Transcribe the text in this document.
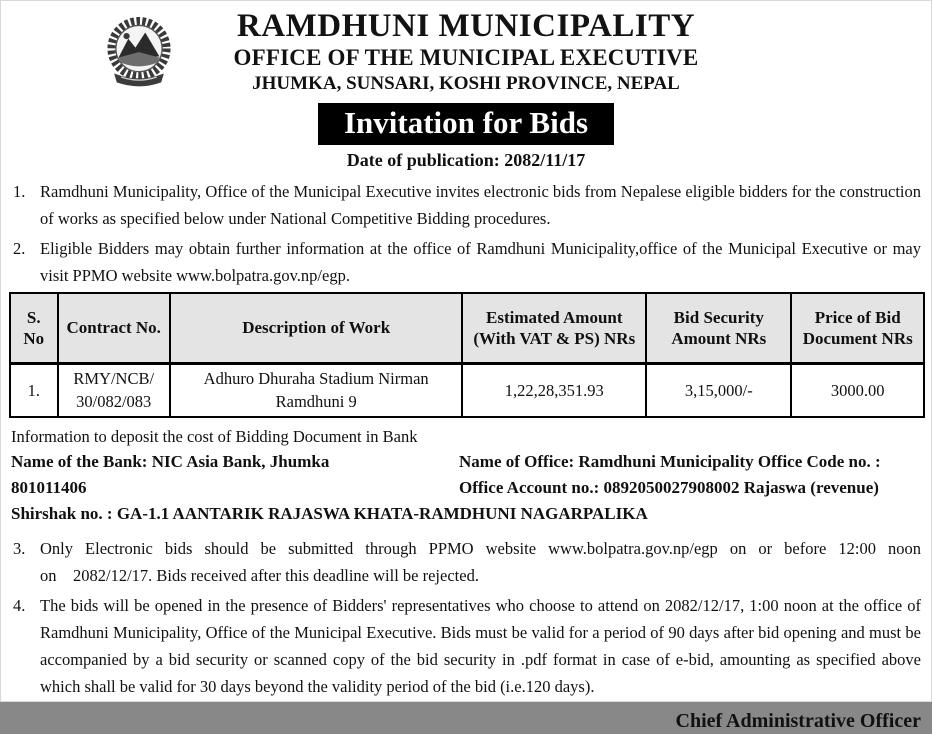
RAMDHUNI MUNICIPALITY
OFFICE OF THE MUNICIPAL EXECUTIVE
JHUMKA, SUNSARI, KOSHI PROVINCE, NEPAL
Invitation for Bids
Date of publication: 2082/11/17
1. Ramdhuni Municipality, Office of the Municipal Executive invites electronic bids from Nepalese eligible bidders for the construction of works as specified below under National Competitive Bidding procedures.
2. Eligible Bidders may obtain further information at the office of Ramdhuni Municipality,office of the Municipal Executive or may visit PPMO website www.bolpatra.gov.np/egp.
S. No	Contract No.	Description of Work	Estimated Amount (With VAT & PS) NRs	Bid Security Amount NRs	Price of Bid Document NRs
1.	RMY/NCB/ 30/082/083	Adhuro Dhuraha Stadium Nirman Ramdhuni 9	1,22,28,351.93	3,15,000/-	3000.00
Information to deposit the cost of Bidding Document in Bank
Name of the Bank: NIC Asia Bank, Jhumka
801011406
Name of Office: Ramdhuni Municipality Office Code no. :
Office Account no.: 0892050027908002 Rajaswa (revenue)
Shirshak no. : GA-1.1 AANTARIK RAJASWA KHATA-RAMDHUNI NAGARPALIKA
3. Only Electronic bids should be submitted through PPMO website www.bolpatra.gov.np/egp on or before 12:00 noon on    2082/12/17. Bids received after this deadline will be rejected.
4. The bids will be opened in the presence of Bidders' representatives who choose to attend on 2082/12/17, 1:00 noon at the office of Ramdhuni Municipality, Office of the Municipal Executive. Bids must be valid for a period of 90 days after bid opening and must be accompanied by a bid security or scanned copy of the bid security in .pdf format in case of e-bid, amounting as specified above which shall be valid for 30 days beyond the validity period of the bid (i.e.120 days).
Chief Administrative Officer
